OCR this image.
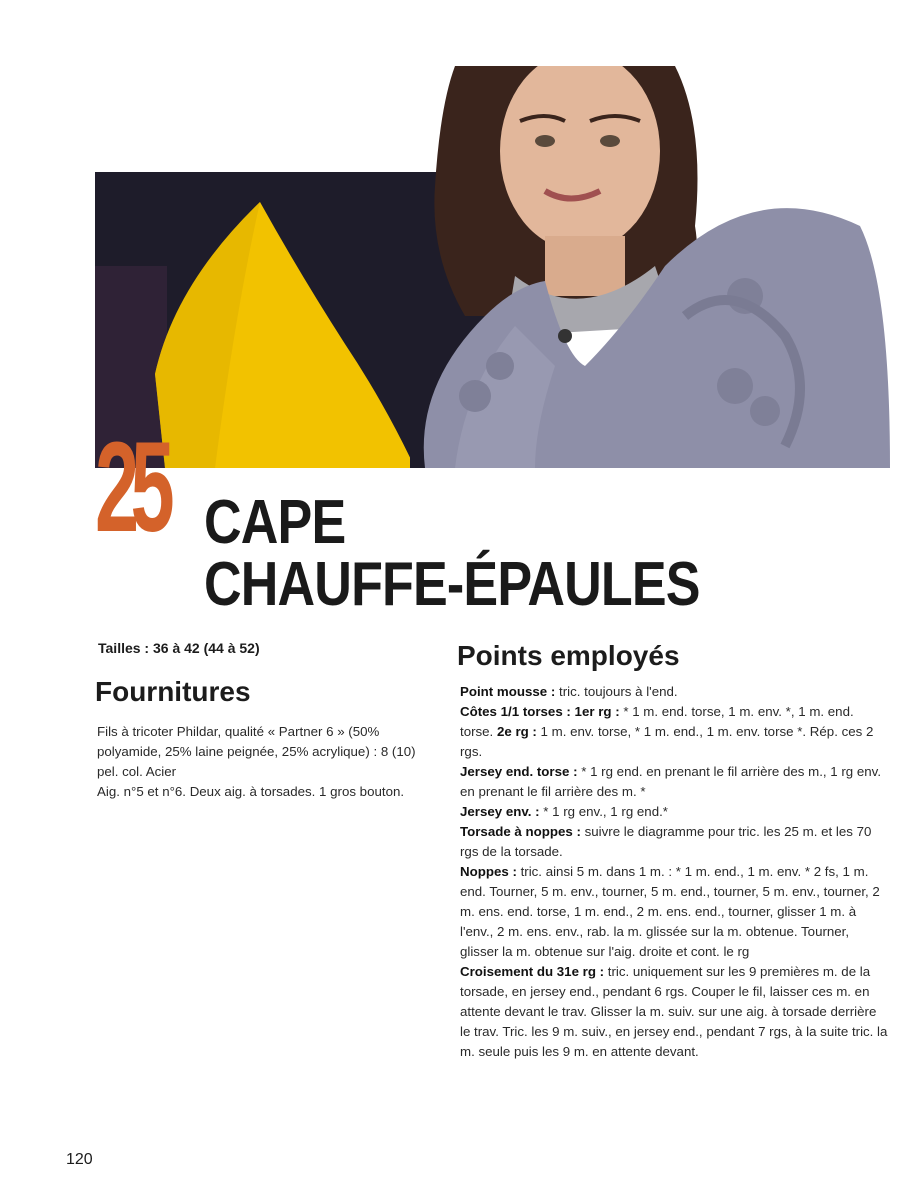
25 CAPE
CHAUFFE-ÉPAULES
Tailles : 36 à 42 (44 à 52)
Fournitures

Fils à tricoter Phildar, qualité « Partner 6 » (50% polyamide, 25% laine peignée, 25% acrylique) : 8 (10) pel. col. Acier

Aig. n°5 et n°6. Deux aig. à torsades. 1 gros bouton.

Points employés

Point mousse : tric. toujours à l'end.

Côtes 1/1 torses : 1er rg : * 1 m. end. torse, 1 m. env. *, 1 m. end. torse. 2e rg : 1 m. env. torse, * 1 m. end., 1 m. env. torse *. Rép. ces 2 rgs.

Jersey end. torse : * 1 rg end. en prenant le fil arrière des m., 1 rg env. en prenant le fil arrière des m. *

Jersey env. : * 1 rg env., 1 rg end.*

Torsade à noppes : suivre le diagramme pour tric. les 25 m. et les 70 rgs de la torsade.

Noppes : tric. ainsi 5 m. dans 1 m. : * 1 m. end., 1 m. env. * 2 fs, 1 m. end. Tourner, 5 m. env., tourner, 5 m. end., tourner, 5 m. env., tourner, 2 m. ens. end. torse, 1 m. end., 2 m. ens. end., tourner, glisser 1 m. à l'env., 2 m. ens. env., rab. la m. glissée sur la m. obtenue. Tourner, glisser la m. obtenue sur l'aig. droite et cont. le rg

Croisement du 31e rg : tric. uniquement sur les 9 premières m. de la torsade, en jersey end., pendant 6 rgs. Couper le fil, laisser ces m. en attente devant le trav. Glisser la m. suiv. sur une aig. à torsade derrière le trav. Tric. les 9 m. suiv., en jersey end., pendant 7 rgs, à la suite tric. la m. seule puis les 9 m. en attente devant.

120
